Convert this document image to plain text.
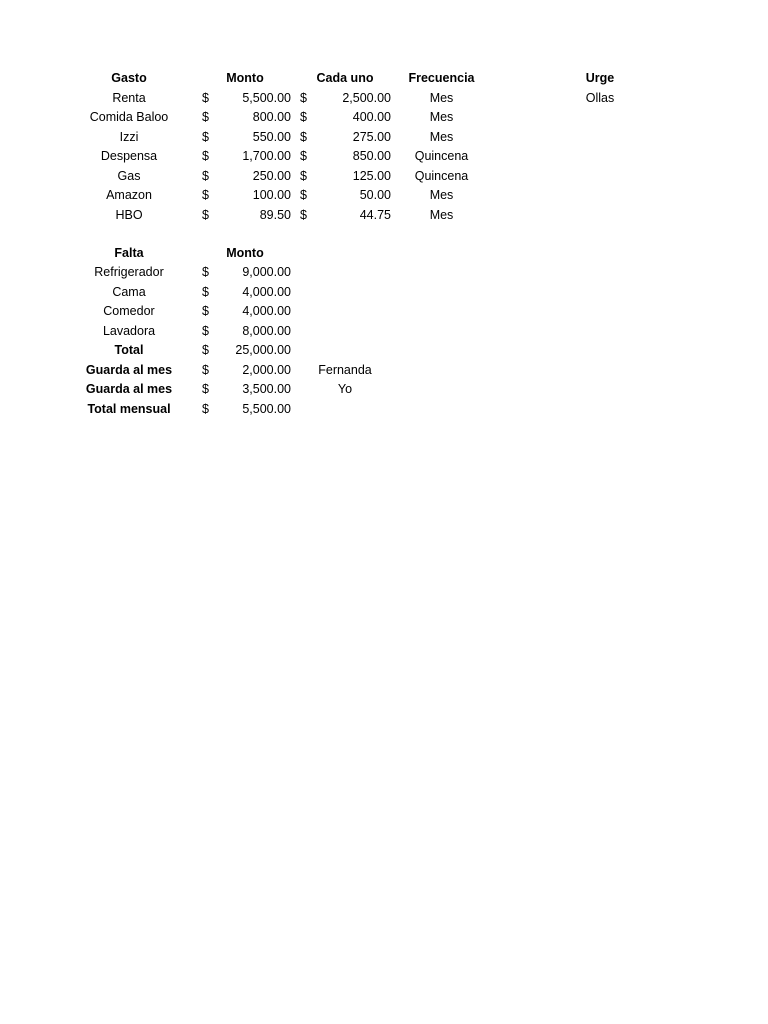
Gasto	Monto	Cada uno	Frecuencia	Urge
Renta	$	5,500.00 $	2,500.00	Mes	Ollas
Comida Baloo	$	800.00 $	400.00	Mes
Izzi	$	550.00 $	275.00	Mes
Despensa	$	1,700.00 $	850.00	Quincena
Gas	$	250.00 $	125.00	Quincena
Amazon	$	100.00 $	50.00	Mes
HBO	$	89.50 $	44.75	Mes
Falta	Monto
Refrigerador	$	9,000.00
Cama	$	4,000.00
Comedor	$	4,000.00
Lavadora	$	8,000.00
Total	$	25,000.00
Guarda al mes	$	2,000.00	Fernanda
Guarda al mes	$	3,500.00	Yo
Total mensual	$	5,500.00
